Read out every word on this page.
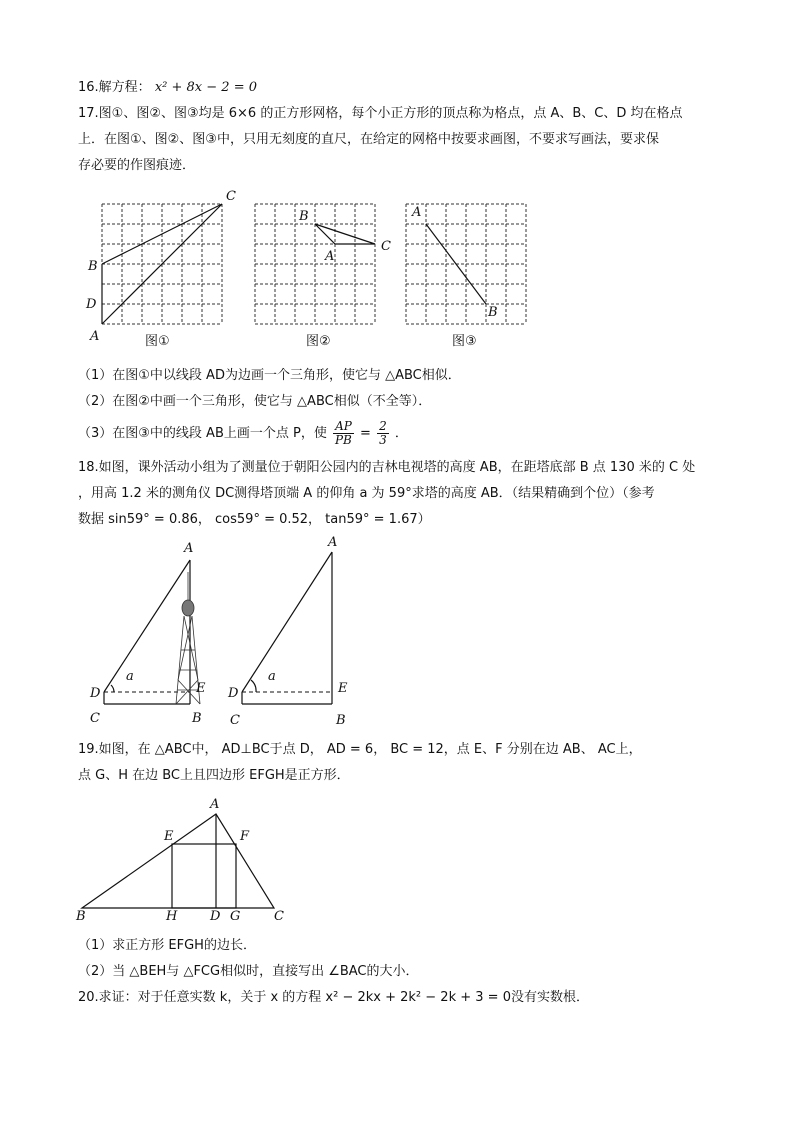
16.解方程： x² + 8x − 2 = 0
17.图①、图②、图③均是 6×6 的正方形网格，每个小正方形的顶点称为格点，点 A、B、C、D 均在格点
上．在图①、图②、图③中，只用无刻度的直尺，在给定的网格中按要求画图，不要求写画法，要求保
存必要的作图痕迹．
C
B
D
A	图①
B
A
C
图②
A
B
图③
（1）在图①中以线段 AD为边画一个三角形，使它与 △ABC相似．
（2）在图②中画一个三角形，使它与 △ABC相似（不全等）．
（3）在图③中的线段 AB上画一个点 P，使 $\frac{AP}{PB} = \frac{2}{3}$ ．
18.如图，课外活动小组为了测量位于朝阳公园内的吉林电视塔的高度 AB，在距塔底部 B 点 130 米的 C 处
，用高 1.2 米的测角仪 DC测得塔顶端 A 的仰角 a 为 59°求塔的高度 AB．（结果精确到个位）（参考
数据 sin59° = 0.86， cos59° = 0.52， tan59° = 1.67）
A
D
a
E
C	B
A
D
a
E
C	B
19.如图，在 △ABC中， AD⊥BC于点 D， AD = 6， BC = 12，点 E、F 分别在边 AB、 AC上，
点 G、H 在边 BC上且四边形 EFGH是正方形．
A
E	F
B	H	D G	C
（1）求正方形 EFGH的边长．
（2）当 △BEH与 △FCG相似时，直接写出 ∠BAC的大小．
20.求证：对于任意实数 k，关于 x 的方程 x² − 2kx + 2k² − 2k + 3 = 0没有实数根．
